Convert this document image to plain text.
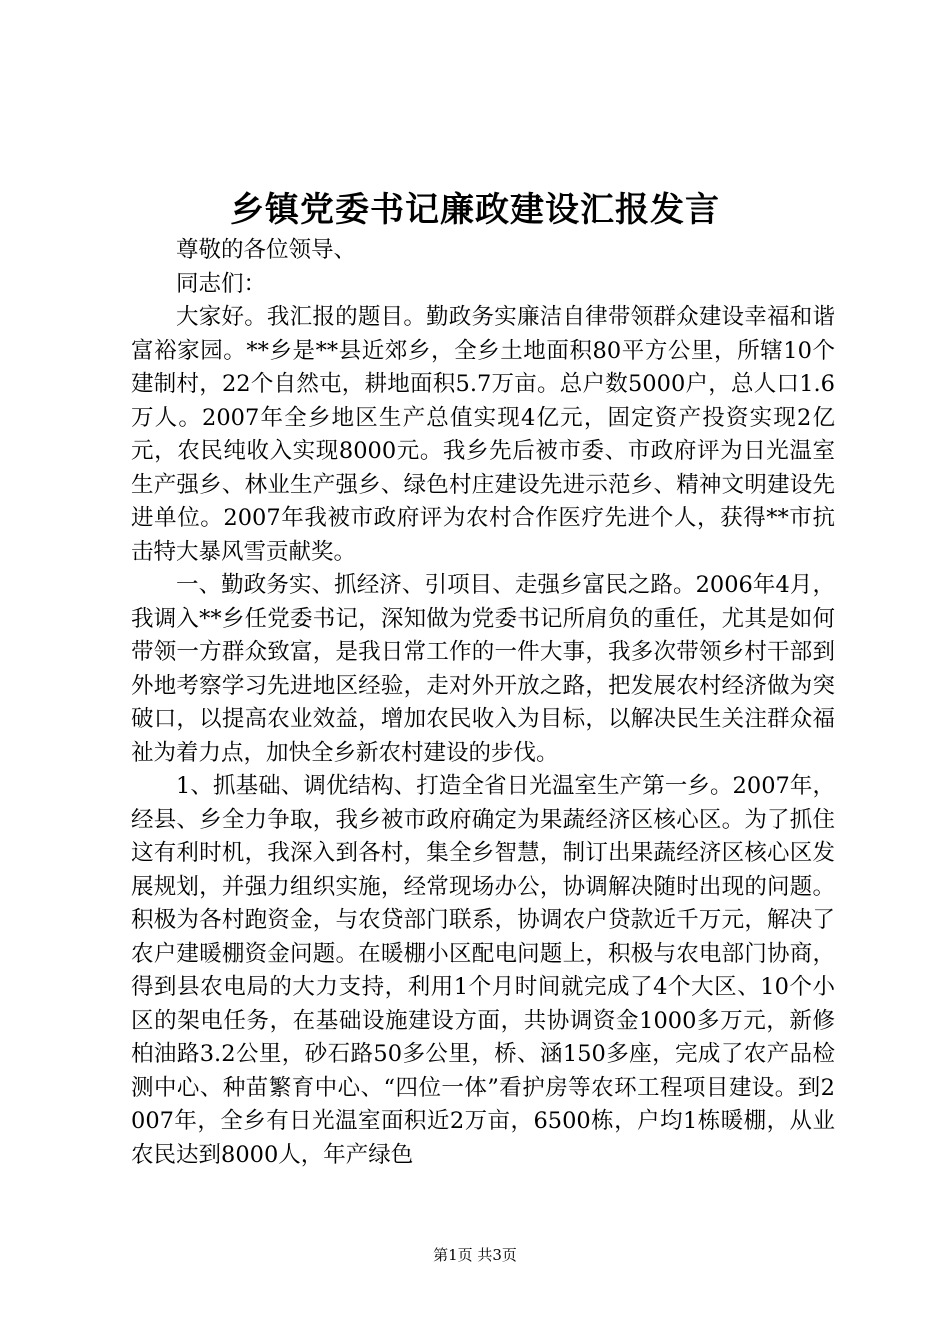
乡镇党委书记廉政建设汇报发言

尊敬的各位领导、

同志们：

大家好。我汇报的题目。勤政务实廉洁自律带领群众建设幸福和谐富裕家园。**乡是**县近郊乡，全乡土地面积80平方公里，所辖10个建制村，22个自然屯，耕地面积5.7万亩。总户数5000户，总人口1.6万人。2007年全乡地区生产总值实现4亿元，固定资产投资实现2亿元，农民纯收入实现8000元。我乡先后被市委、市政府评为日光温室生产强乡、林业生产强乡、绿色村庄建设先进示范乡、精神文明建设先进单位。2007年我被市政府评为农村合作医疗先进个人，获得**市抗击特大暴风雪贡献奖。

一、勤政务实、抓经济、引项目、走强乡富民之路。2006年4月，我调入**乡任党委书记，深知做为党委书记所肩负的重任，尤其是如何带领一方群众致富，是我日常工作的一件大事，我多次带领乡村干部到外地考察学习先进地区经验，走对外开放之路，把发展农村经济做为突破口，以提高农业效益，增加农民收入为目标，以解决民生关注群众福祉为着力点，加快全乡新农村建设的步伐。

1、抓基础、调优结构、打造全省日光温室生产第一乡。2007年，经县、乡全力争取，我乡被市政府确定为果蔬经济区核心区。为了抓住这有利时机，我深入到各村，集全乡智慧，制订出果蔬经济区核心区发展规划，并强力组织实施，经常现场办公，协调解决随时出现的问题。积极为各村跑资金，与农贷部门联系，协调农户贷款近千万元，解决了农户建暖棚资金问题。在暖棚小区配电问题上，积极与农电部门协商，得到县农电局的大力支持，利用1个月时间就完成了4个大区、10个小区的架电任务，在基础设施建设方面，共协调资金1000多万元，新修柏油路3.2公里，砂石路50多公里，桥、涵150多座，完成了农产品检测中心、种苗繁育中心、“四位一体”看护房等农环工程项目建设。到2007年，全乡有日光温室面积近2万亩，6500栋，户均1栋暖棚，从业农民达到8000人，年产绿色

第1页 共3页
